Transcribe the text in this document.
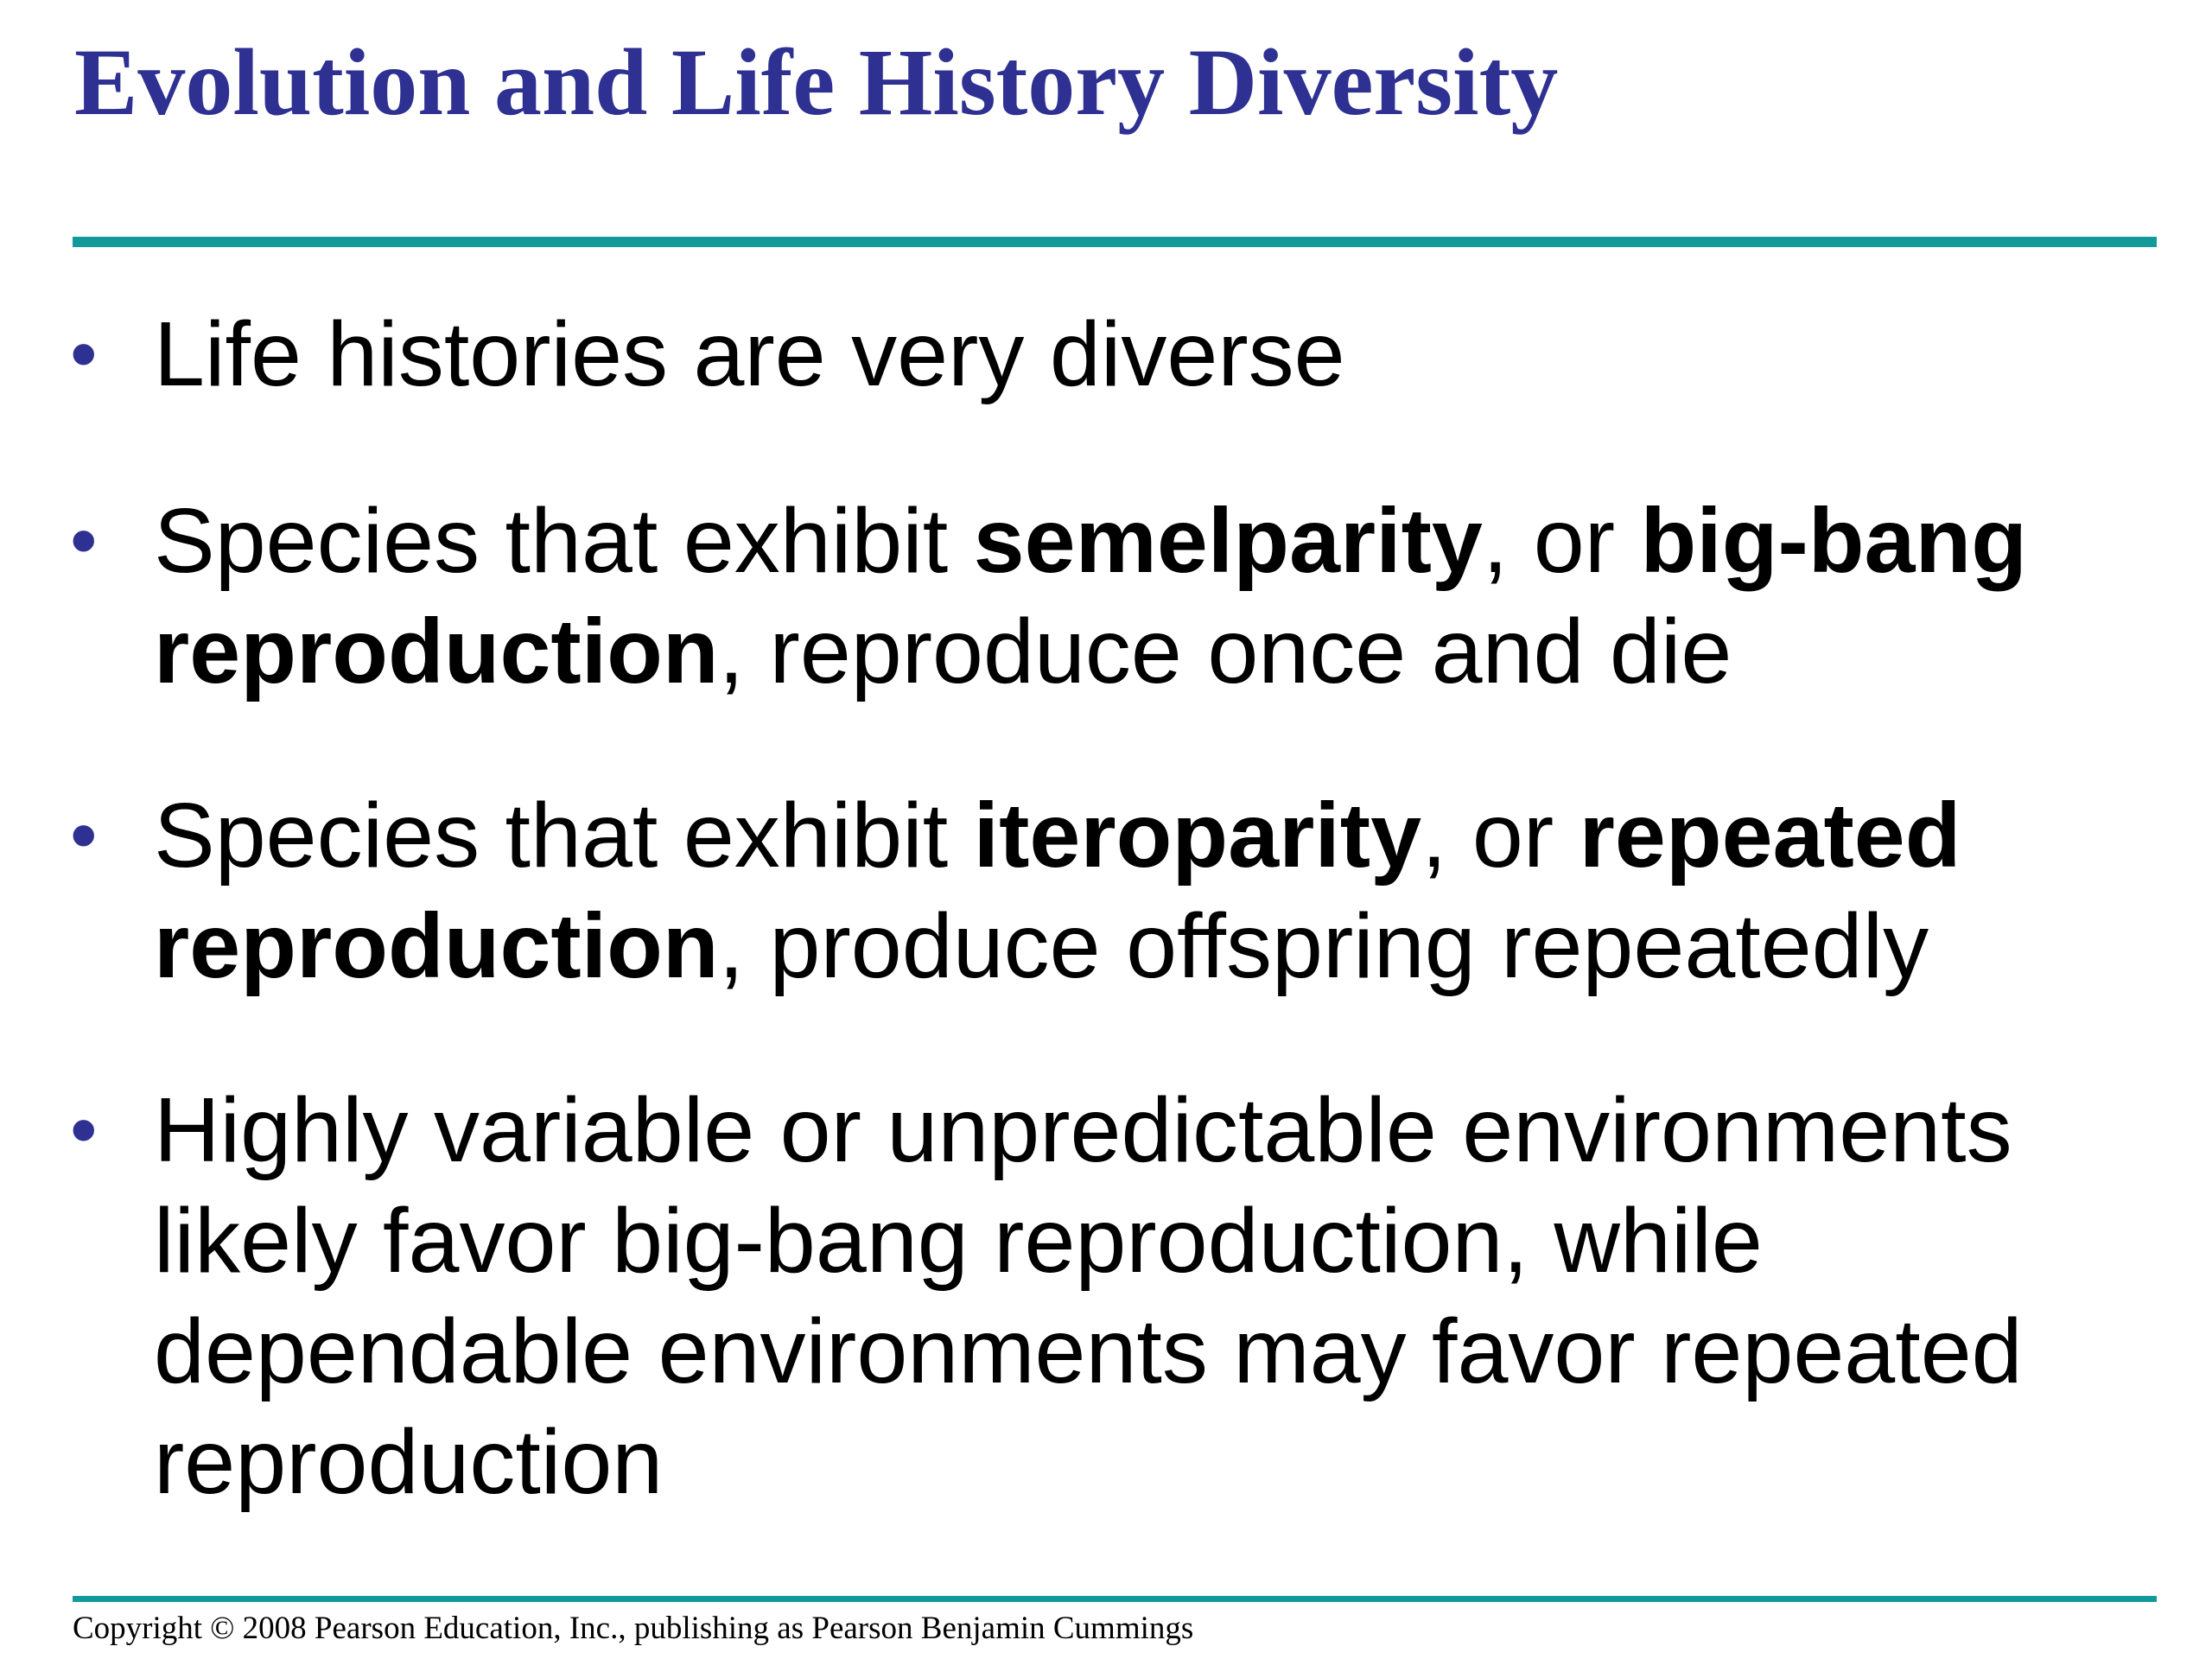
Evolution and Life History Diversity
• Life histories are very diverse
• Species that exhibit semelparity, or big-bang reproduction, reproduce once and die
• Species that exhibit iteroparity, or repeated reproduction, produce offspring repeatedly
• Highly variable or unpredictable environments likely favor big-bang reproduction, while dependable environments may favor repeated reproduction

Copyright © 2008 Pearson Education, Inc., publishing as Pearson Benjamin Cummings
